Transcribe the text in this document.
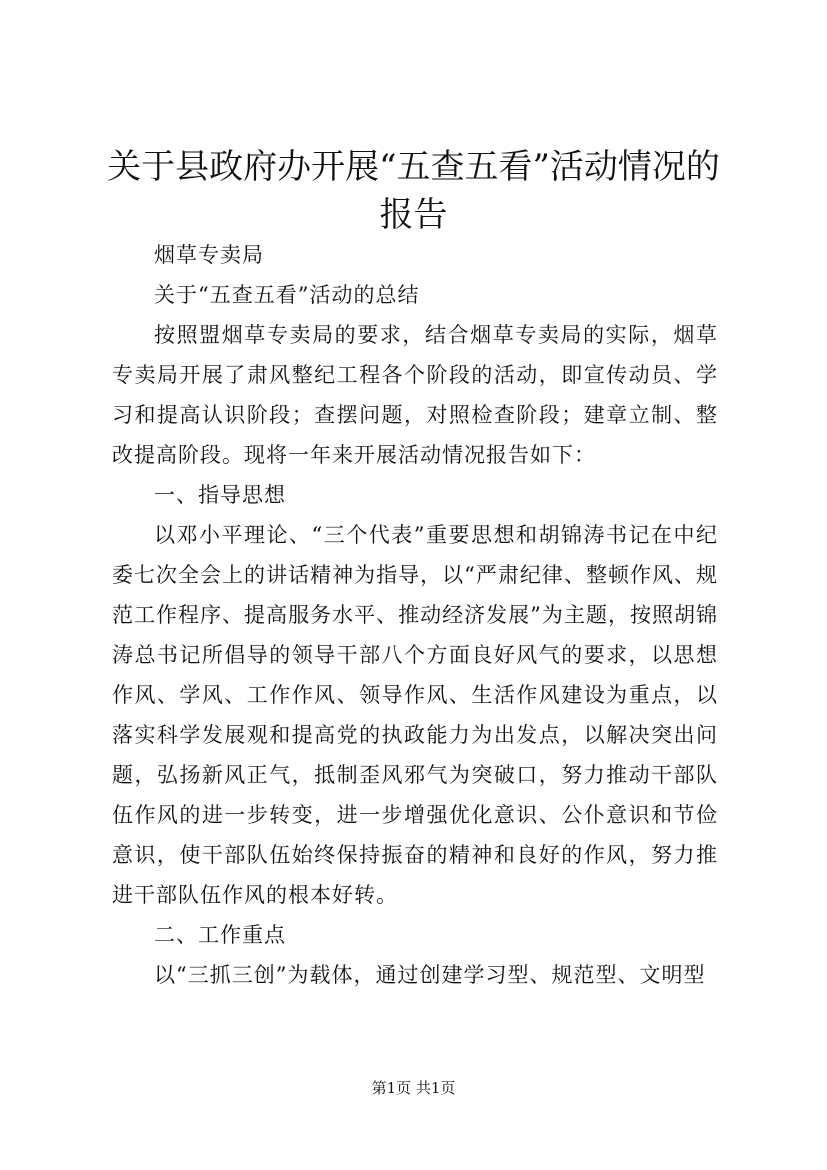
关于县政府办开展“五查五看”活动情况的报告

烟草专卖局

关于“五查五看”活动的总结

按照盟烟草专卖局的要求，结合烟草专卖局的实际，烟草专卖局开展了肃风整纪工程各个阶段的活动，即宣传动员、学习和提高认识阶段；查摆问题，对照检查阶段；建章立制、整改提高阶段。现将一年来开展活动情况报告如下：

一、指导思想

以邓小平理论、“三个代表”重要思想和胡锦涛书记在中纪委七次全会上的讲话精神为指导，以“严肃纪律、整顿作风、规范工作程序、提高服务水平、推动经济发展”为主题，按照胡锦涛总书记所倡导的领导干部八个方面良好风气的要求，以思想作风、学风、工作作风、领导作风、生活作风建设为重点，以落实科学发展观和提高党的执政能力为出发点，以解决突出问题，弘扬新风正气，抵制歪风邪气为突破口，努力推动干部队伍作风的进一步转变，进一步增强优化意识、公仆意识和节俭意识，使干部队伍始终保持振奋的精神和良好的作风，努力推进干部队伍作风的根本好转。

二、工作重点

以“三抓三创”为载体，通过创建学习型、规范型、文明型

第1页 共1页
